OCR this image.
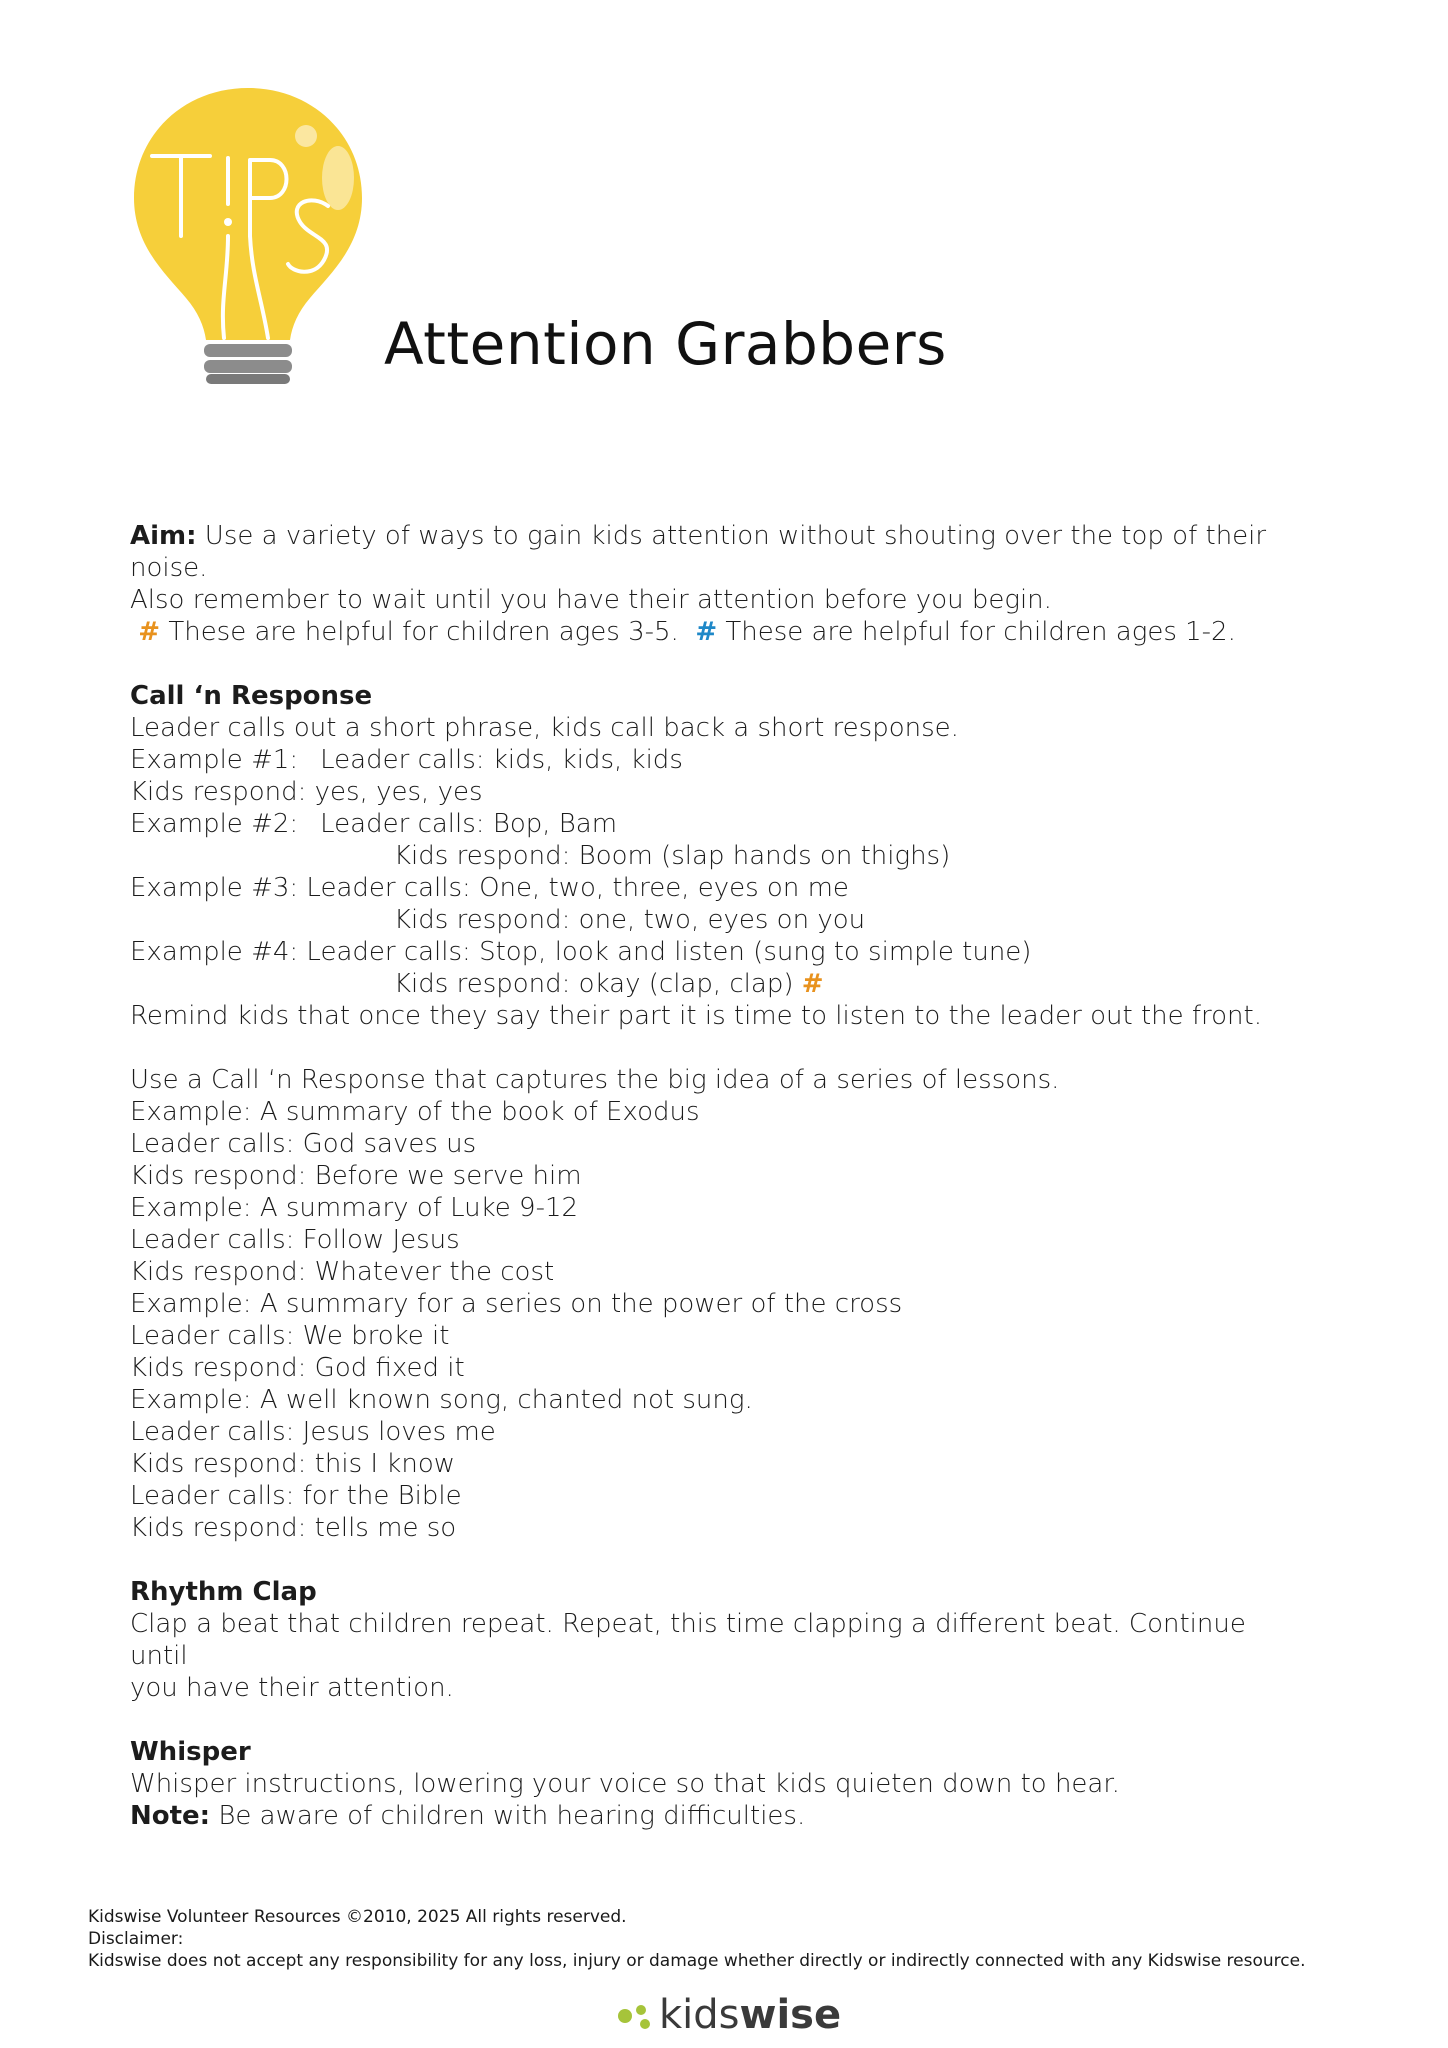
Attention Grabbers

Aim: Use a variety of ways to gain kids attention without shouting over the top of their

noise.

Also remember to wait until you have their attention before you begin.

# These are helpful for children ages 3-5. # These are helpful for children ages 1-2.

Call ‘n Response

Leader calls out a short phrase, kids call back a short response.

Example #1: Leader calls: kids, kids, kids

Kids respond: yes, yes, yes

Example #2: Leader calls: Bop, Bam

Kids respond: Boom (slap hands on thighs)

Example #3: Leader calls: One, two, three, eyes on me

Kids respond: one, two, eyes on you

Example #4: Leader calls: Stop, look and listen (sung to simple tune)

Kids respond: okay (clap, clap) #

Remind kids that once they say their part it is time to listen to the leader out the front.

Use a Call ‘n Response that captures the big idea of a series of lessons.

Example: A summary of the book of Exodus

Leader calls: God saves us

Kids respond: Before we serve him

Example: A summary of Luke 9-12

Leader calls: Follow Jesus

Kids respond: Whatever the cost

Example: A summary for a series on the power of the cross

Leader calls: We broke it

Kids respond: God fixed it

Example: A well known song, chanted not sung.

Leader calls: Jesus loves me

Kids respond: this I know

Leader calls: for the Bible

Kids respond: tells me so

Rhythm Clap

Clap a beat that children repeat. Repeat, this time clapping a different beat. Continue until

you have their attention.

Whisper

Whisper instructions, lowering your voice so that kids quieten down to hear.

Note: Be aware of children with hearing difficulties.

Kidswise Volunteer Resources ©2010, 2025 All rights reserved.

Disclaimer:

Kidswise does not accept any responsibility for any loss, injury or damage whether directly or indirectly connected with any Kidswise resource.

kidswise
